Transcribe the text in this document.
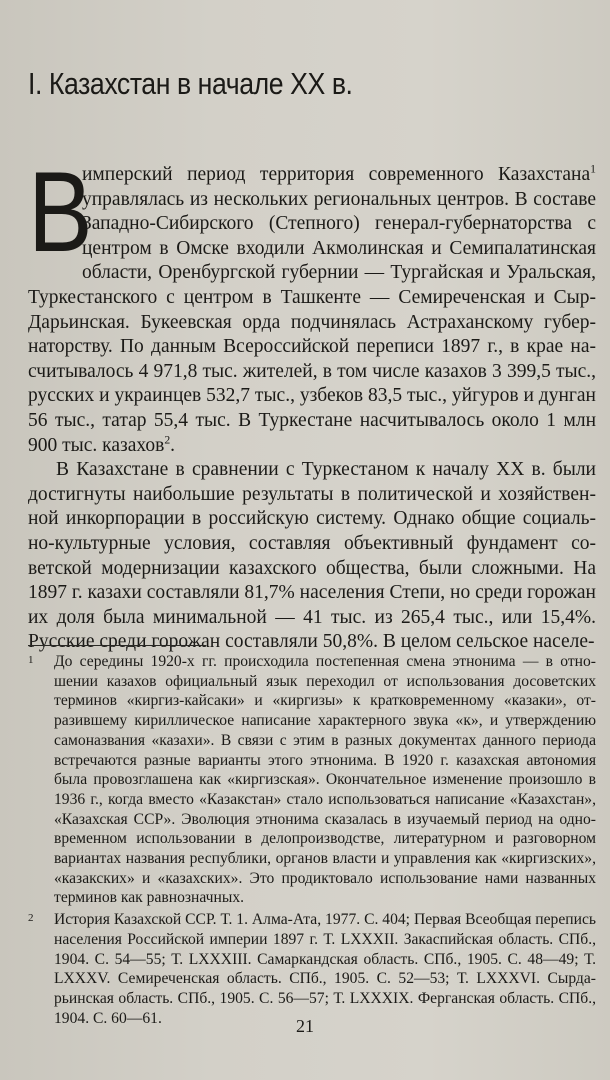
I. Казахстан в начале XX в.

В
имперский период территория современного Казахстана$^1$ управлялась из нескольких региональных центров. В составе Западно-Сибирского (Степного) генерал-губернаторства с центром в Омске входили Акмолинская и Семипалатинская области, Оренбургской губернии — Тургайская и Уральская, Туркестанского с центром в Ташкенте — Семиреченская и СырДарьинская. Букеевская орда подчинялась Астраханскому губернаторству. По данным Всероссийской переписи 1897 г., в крае насчитывалось 4 971,8 тыс. жителей, в том числе казахов 3 399,5 тыс., русских и украинцев 532,7 тыс., узбеков 83,5 тыс., уйгуров и дунган 56 тыс., татар 55,4 тыс. В Туркестане насчитывалось около 1 млн 900 тыс. казахов$^2$.

В Казахстане в сравнении с Туркестаном к началу XX в. были достигнуты наибольшие результаты в политической и хозяйственной инкорпорации в российскую систему. Однако общие социально-культурные условия, составляя объективный фундамент советской модернизации казахского общества, были сложными. На 1897 г. казахи составляли 81,7% населения Степи, но среди горожан их доля была минимальной — 41 тыс. из 265,4 тыс., или 15,4%. Русские среди горожан составляли 50,8%. В целом сельское населе-

1 До середины 1920-х гг. происходила постепенная смена этнонима — в отношении казахов официальный язык переходил от использования досоветских терминов «киргиз-кайсаки» и «киргизы» к кратковременному «казаки», отразившему кириллическое написание характерного звука «к», и утверждению самоназвания «казахи». В связи с этим в разных документах данного периода встречаются разные варианты этого этнонима. В 1920 г. казахская автономия была провозглашена как «киргизская». Окончательное изменение произошло в 1936 г., когда вместо «Казакстан» стало использоваться написание «Казахстан», «Казахская ССР». Эволюция этнонима сказалась в изучаемый период на одновременном использовании в делопроизводстве, литературном и разговорном вариантах названия республики, органов власти и управления как «киргизских», «казакских» и «казахских». Это продиктовало использование нами названных терминов как равнозначных.

2 История Казахской ССР. Т. 1. Алма-Ата, 1977. С. 404; Первая Всеобщая перепись населения Российской империи 1897 г. Т. LXXXII. Закаспийская область. СПб., 1904. С. 54—55; Т. LXXXIII. Самаркандская область. СПб., 1905. С. 48—49; Т. LXXXV. Семиреченская область. СПб., 1905. С. 52—53; Т. LXXXVI. Сырдарьинская область. СПб., 1905. С. 56—57; Т. LXXXIX. Ферганская область. СПб., 1904. С. 60—61.	21
